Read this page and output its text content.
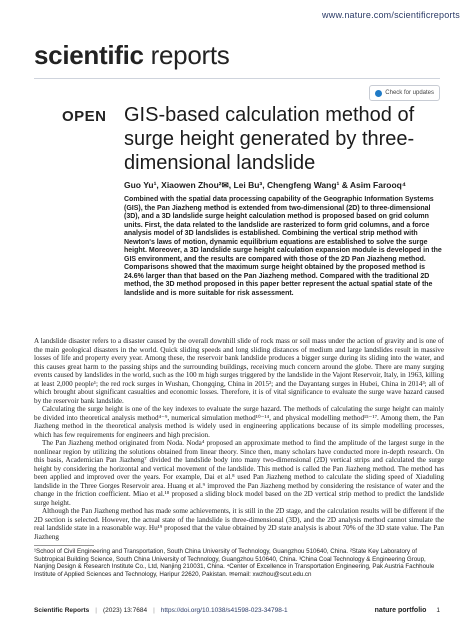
www.nature.com/scientificreports
scientific reports
Check for updates
OPEN GIS-based calculation method of surge height generated by three-dimensional landslide
Guo Yu¹, Xiaowen Zhou²✉, Lei Bu³, Chengfeng Wang¹ & Asim Farooq⁴
Combined with the spatial data processing capability of the Geographic Information Systems (GIS), the Pan Jiazheng method is extended from two-dimensional (2D) to three-dimensional (3D), and a 3D landslide surge height calculation method is proposed based on grid column units. First, the data related to the landslide are rasterized to form grid columns, and a force analysis model of 3D landslides is established. Combining the vertical strip method with Newton's laws of motion, dynamic equilibrium equations are established to solve the surge height. Moreover, a 3D landslide surge height calculation expansion module is developed in the GIS environment, and the results are compared with those of the 2D Pan Jiazheng method. Comparisons showed that the maximum surge height obtained by the proposed method is 24.6% larger than that based on the Pan Jiazheng method. Compared with the traditional 2D method, the 3D method proposed in this paper better represent the actual spatial state of the landslide and is more suitable for risk assessment.

A landslide disaster refers to a disaster caused by the overall downhill slide of rock mass or soil mass under the action of gravity and is one of the main geological disasters in the world. Quick sliding speeds and long sliding distances of medium and large landslides result in massive losses of life and property every year. Among these, the reservoir bank landslide produces a bigger surge during its sliding into the water, and this causes great harm to the passing ships and the surrounding buildings, receiving much concern around the globe. There are many surging events caused by landslides in the world, such as the 100 m high surges triggered by the landslide in the Vajont Reservoir, Italy, in 1963, killing at least 2,000 people¹; the red rock surges in Wushan, Chongqing, China in 2015²; and the Dayantang surges in Hubei, China in 2014³; all of which brought about significant casualties and economic losses. Therefore, it is of vital significance to evaluate the surge wave hazard caused by the reservoir bank landslide.

Calculating the surge height is one of the key indexes to evaluate the surge hazard. The methods of calculating the surge height can mainly be divided into theoretical analysis method⁴⁻⁹, numerical simulation method¹⁰⁻¹⁴, and physical modelling method¹⁵⁻¹⁷. Among them, the Pan Jiazheng method in the theoretical analysis method is widely used in engineering applications because of its simple modelling processes, which has few requirements for engineers and high precision.

The Pan Jiazheng method originated from Noda. Noda⁴ proposed an approximate method to find the amplitude of the largest surge in the nonlinear region by utilizing the solutions obtained from linear theory. Since then, many scholars have conducted more in-depth research. On this basis, Academician Pan Jiazheng⁷ divided the landslide body into many two-dimensional (2D) vertical strips and calculated the surge height by considering the horizontal and vertical movement of the landslide. This method is called the Pan Jiazheng method. The method has been applied and improved over the years. For example, Dai et al.⁸ used Pan Jiazheng method to calculate the sliding speed of Xiaduling landslide in the Three Gorges Reservoir area. Huang et al.⁹ improved the Pan Jiazheng method by considering the resistance of water and the change in the friction coefficient. Miao et al.¹⁸ proposed a sliding block model based on the 2D vertical strip method to predict the landslide surge height.

Although the Pan Jiazheng method has made some achievements, it is still in the 2D stage, and the calculation results will be different if the 2D section is selected. However, the actual state of the landslide is three-dimensional (3D), and the 2D analysis method cannot simulate the real landslide state in a reasonable way. Hu¹⁹ proposed that the value obtained by 2D state analysis is about 70% of the 3D state value. The Pan Jiazheng

¹School of Civil Engineering and Transportation, South China University of Technology, Guangzhou 510640, China. ²State Key Laboratory of Subtropical Building Science, South China University of Technology, Guangzhou 510640, China. ³China Coal Technology & Engineering Group, Nanjing Design & Research Institute Co., Ltd, Nanjing 210031, China. ⁴Center of Excellence in Transportation Engineering, Pak Austria Fachhoule Institute of Applied Sciences and Technology, Haripur 22620, Pakistan. ✉email: xwzhou@scut.edu.cn
Scientific Reports | (2023) 13:7684 | https://doi.org/10.1038/s41598-023-34798-1	nature portfolio 1
